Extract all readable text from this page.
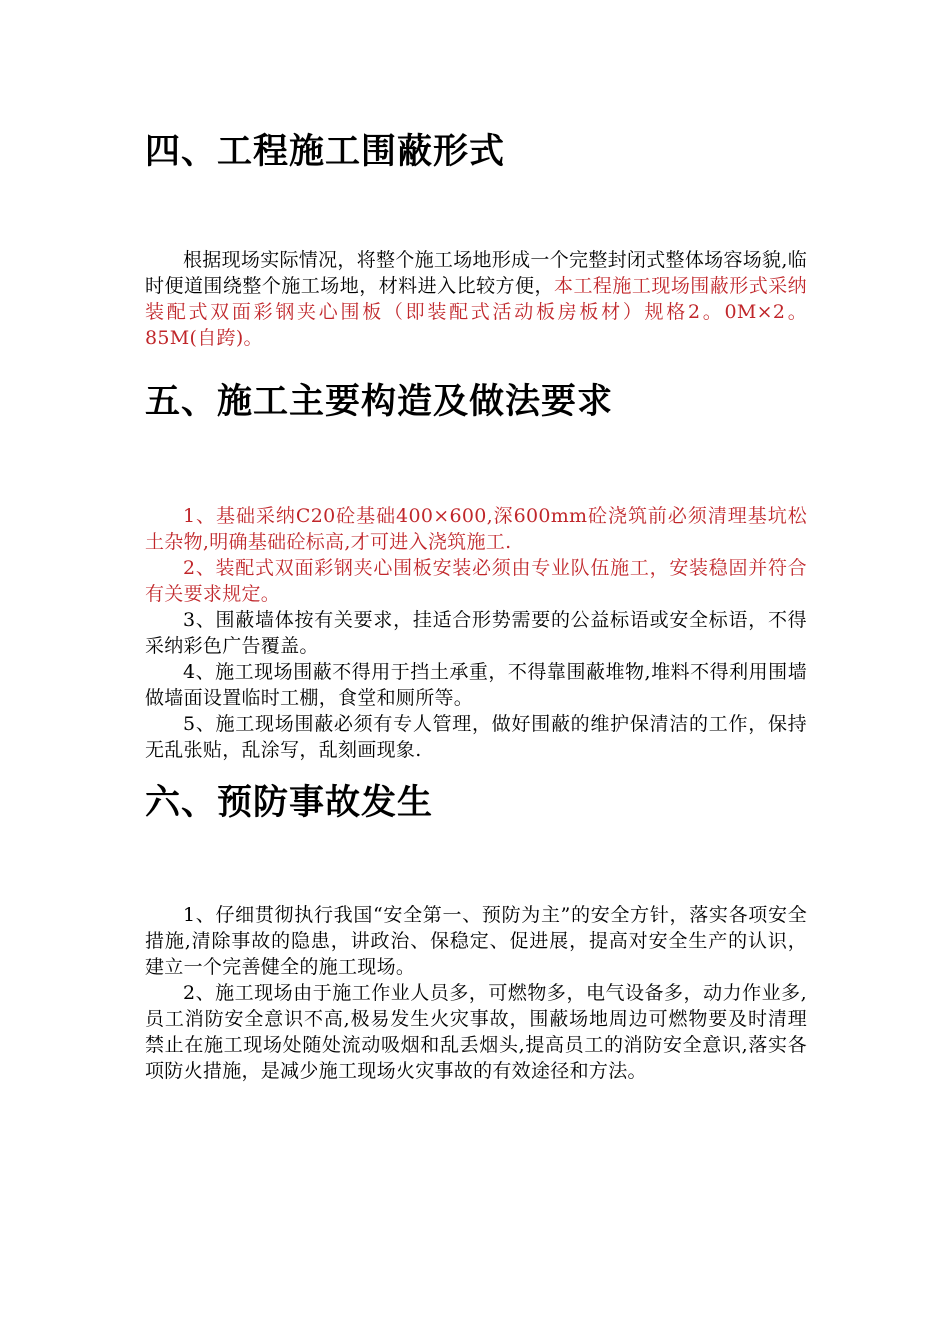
四、工程施工围蔽形式

根据现场实际情况，将整个施工场地形成一个完整封闭式整体场容场貌,临时便道围绕整个施工场地，材料进入比较方便，本工程施工现场围蔽形式采纳装配式双面彩钢夹心围板（即装配式活动板房板材）规格2。0M×2。85M(自跨)。

五、施工主要构造及做法要求

1、基础采纳C20砼基础400×600,深600mm砼浇筑前必须清理基坑松土杂物,明确基础砼标高,才可进入浇筑施工.

2、装配式双面彩钢夹心围板安装必须由专业队伍施工，安装稳固并符合有关要求规定。

3、围蔽墙体按有关要求，挂适合形势需要的公益标语或安全标语，不得采纳彩色广告覆盖。

4、施工现场围蔽不得用于挡土承重，不得靠围蔽堆物,堆料不得利用围墙做墙面设置临时工棚，食堂和厕所等。

5、施工现场围蔽必须有专人管理，做好围蔽的维护保清洁的工作，保持无乱张贴，乱涂写，乱刻画现象.

六、预防事故发生

1、仔细贯彻执行我国“安全第一、预防为主”的安全方针，落实各项安全措施,清除事故的隐患，讲政治、保稳定、促进展，提高对安全生产的认识，建立一个完善健全的施工现场。

2、施工现场由于施工作业人员多，可燃物多，电气设备多，动力作业多,员工消防安全意识不高,极易发生火灾事故，围蔽场地周边可燃物要及时清理禁止在施工现场处随处流动吸烟和乱丢烟头,提高员工的消防安全意识,落实各项防火措施，是减少施工现场火灾事故的有效途径和方法。
